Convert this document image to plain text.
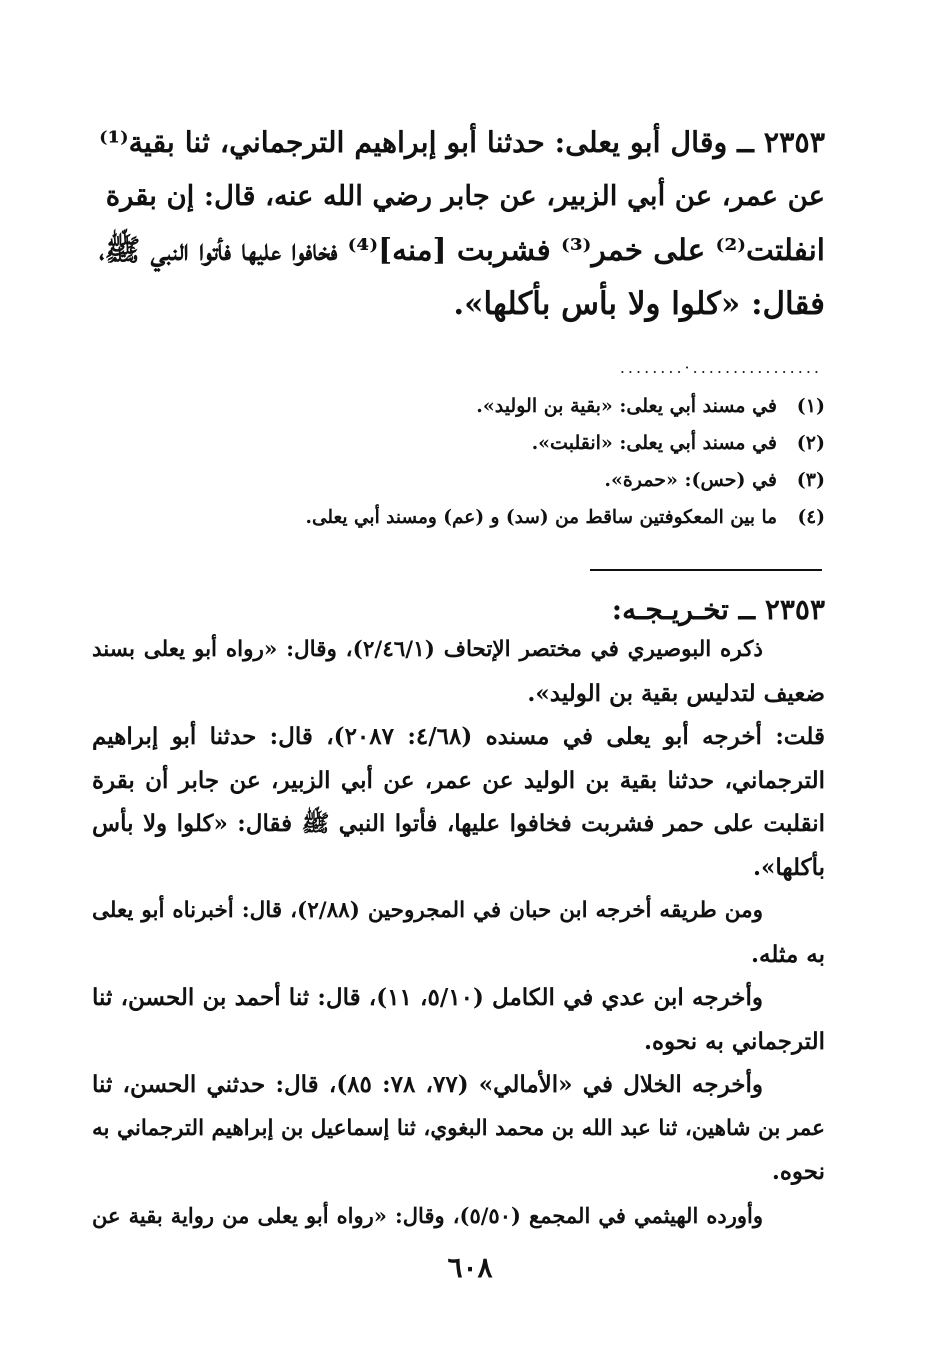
٢٣٥٣ ــ وقال أبو يعلى: حدثنا أبو إبراهيم الترجماني، ثنا بقية⁽¹⁾
عن عمر، عن أبي الزبير، عن جابر رضي الله عنه، قال: إن بقرة
انفلتت⁽²⁾ على خمر⁽³⁾ فشربت [منه]⁽⁴⁾ فخافوا عليها فأتوا النبي ﷺ،
فقال: «كلوا ولا بأس بأكلها».
................·........
(١)في مسند أبي يعلى: «بقية بن الوليد».
(٢)في مسند أبي يعلى: «انقلبت».
(٣)في (حس): «حمرة».
(٤)ما بين المعكوفتين ساقط من (سد) و (عم) ومسند أبي يعلى.
٢٣٥٣ ــ تخـريـجـه:
ذكره البوصيري في مختصر الإتحاف (٢/٤٦/١)، وقال: «رواه أبو يعلى بسند
ضعيف لتدليس بقية بن الوليد».
قلت: أخرجه أبو يعلى في مسنده (٤/٦٨: ٢٠٨٧)، قال: حدثنا أبو إبراهيم
الترجماني، حدثنا بقية بن الوليد عن عمر، عن أبي الزبير، عن جابر أن بقرة
انقلبت على حمر فشربت فخافوا عليها، فأتوا النبي ﷺ فقال: «كلوا ولا بأس
بأكلها».
ومن طريقه أخرجه ابن حبان في المجروحين (٢/٨٨)، قال: أخبرناه أبو يعلى
به مثله.
وأخرجه ابن عدي في الكامل (٥/١٠، ١١)، قال: ثنا أحمد بن الحسن، ثنا
الترجماني به نحوه.
وأخرجه الخلال في «الأمالي» (٧٧، ٧٨: ٨٥)، قال: حدثني الحسن، ثنا
عمر بن شاهين، ثنا عبد الله بن محمد البغوي، ثنا إسماعيل بن إبراهيم الترجماني به
نحوه.
وأورده الهيثمي في المجمع (٥/٥٠)، وقال: «رواه أبو يعلى من رواية بقية عن
٦٠٨
